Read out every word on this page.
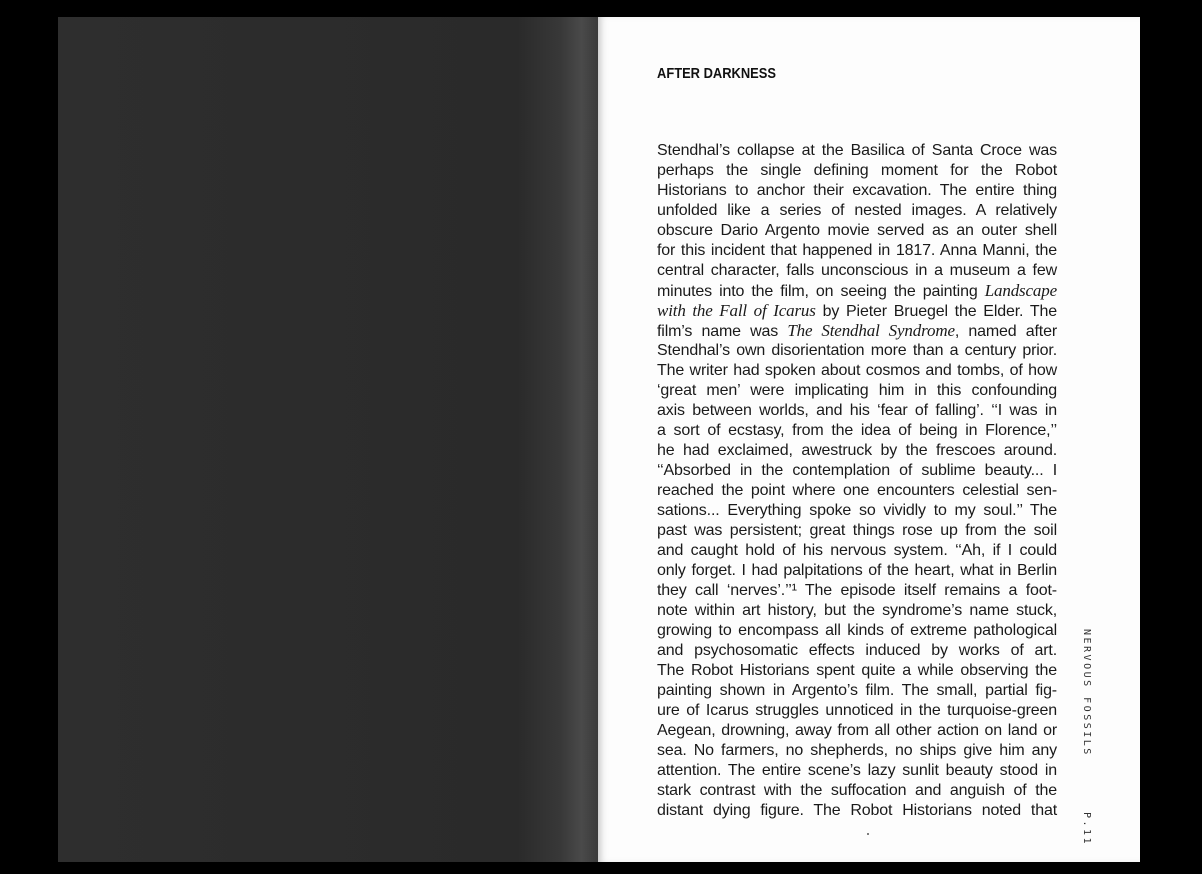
AFTER DARKNESS
Stendhal’s collapse at the Basilica of Santa Croce was
perhaps the single defining moment for the Robot
Historians to anchor their excavation. The entire thing
unfolded like a series of nested images. A relatively
obscure Dario Argento movie served as an outer shell
for this incident that happened in 1817. Anna Manni, the
central character, falls unconscious in a museum a few
minutes into the film, on seeing the painting Landscape
with the Fall of Icarus by Pieter Bruegel the Elder. The
film’s name was The Stendhal Syndrome, named after
Stendhal’s own disorientation more than a century prior.
The writer had spoken about cosmos and tombs, of how
‘great men’ were implicating him in this confounding
axis between worlds, and his ‘fear of falling’. ‘‘I was in
a sort of ecstasy, from the idea of being in Florence,’’
he had exclaimed, awestruck by the frescoes around.
‘‘Absorbed in the contemplation of sublime beauty... I
reached the point where one encounters celestial sen-
sations... Everything spoke so vividly to my soul.’’ The
past was persistent; great things rose up from the soil
and caught hold of his nervous system. ‘‘Ah, if I could
only forget. I had palpitations of the heart, what in Berlin
they call ‘nerves’.’’¹ The episode itself remains a foot-
note within art history, but the syndrome’s name stuck,
growing to encompass all kinds of extreme pathological
and psychosomatic effects induced by works of art.
The Robot Historians spent quite a while observing the
painting shown in Argento’s film. The small, partial fig-
ure of Icarus struggles unnoticed in the turquoise-green
Aegean, drowning, away from all other action on land or
sea. No farmers, no shepherds, no ships give him any
attention. The entire scene’s lazy sunlit beauty stood in
stark contrast with the suffocation and anguish of the
distant dying figure. The Robot Historians noted that
NERVOUS FOSSILS
P.11
